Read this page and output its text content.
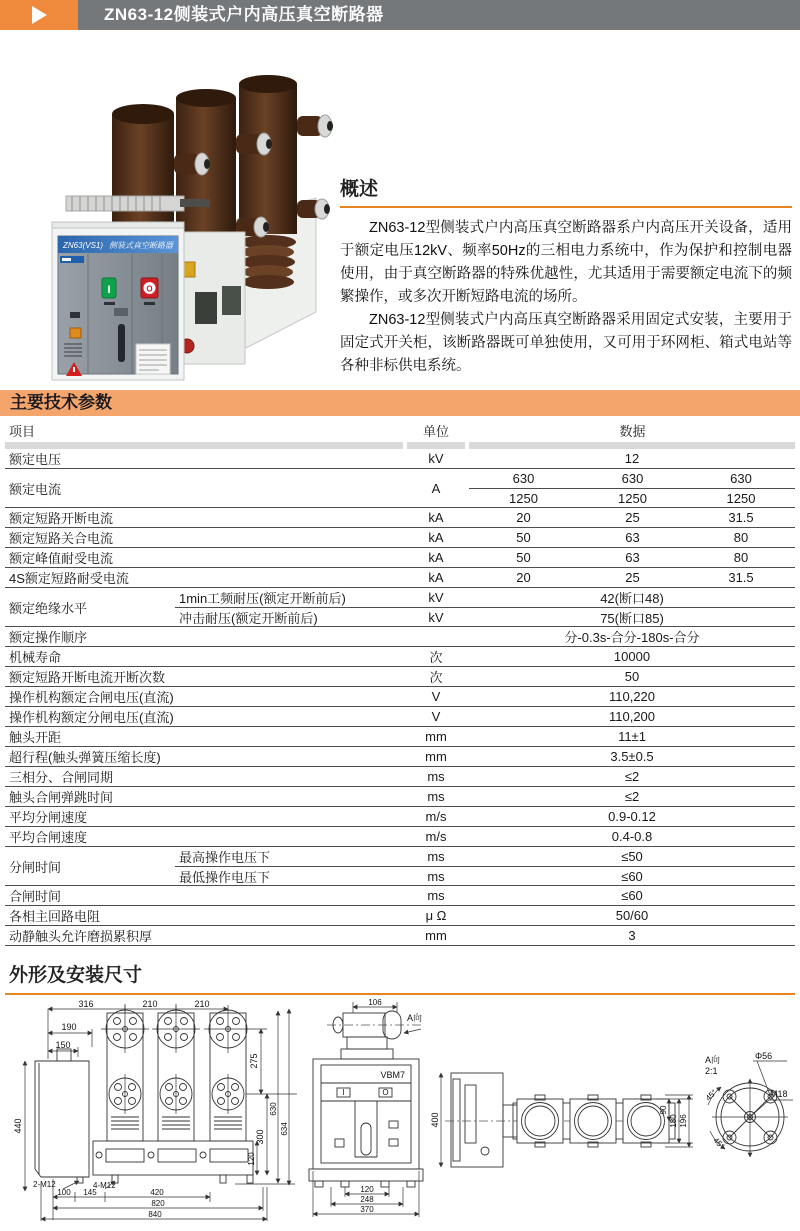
ZN63-12侧装式户内高压真空断路器
ZN63(VS1) 侧装式真空断路器
I	O
概述

ZN63-12型侧装式户内高压真空断路器系户内高压开关设备，适用于额定电压12kV、频率50Hz的三相电力系统中，作为保护和控制电器使用，由于真空断路器的特殊优越性，尤其适用于需要额定电流下的频繁操作，或多次开断短路电流的场所。

ZN63-12型侧装式户内高压真空断路器采用固定式安装，主要用于固定式开关柜，该断路器既可单独使用，又可用于环网柜、箱式电站等各种非标供电系统。

主要技术参数
项目	单位	数据
额定电压	kV	12
额定电流	A
630	630	630
1250	1250	1250
额定短路开断电流	kA	20	25	31.5
额定短路关合电流	kA	50	63	80
额定峰值耐受电流	kA	50	63	80
4S额定短路耐受电流	kA	20	25	31.5
额定绝缘水平
1min工频耐压(额定开断前后)	kV	42(断口48)
冲击耐压(额定开断前后)	kV	75(断口85)
额定操作顺序	分-0.3s-合分-180s-合分
机械寿命	次	10000
额定短路开断电流开断次数	次	50
操作机构额定合闸电压(直流)	V	110,220
操作机构额定分闸电压(直流)	V	110,200
触头开距	mm	11±1
超行程(触头弹簧压缩长度)	mm	3.5±0.5
三相分、合闸同期	ms	≤2
触头合闸弹跳时间	ms	≤2
平均分闸速度	m/s	0.9-0.12
平均合闸速度	m/s	0.4-0.8
分闸时间
最高操作电压下	ms	≤50
最低操作电压下	ms	≤60
合闸时间	ms	≤60
各相主回路电阻	μ Ω	50/60
动静触头允许磨损累积厚	mm	3
外形及安装尺寸
316	210	210
190
150
440
275
300
120
630
634
2-M12	4-M12
100 145	420
820
840
106
A向
VBM7
I	O
120
248
370
400
90
180 196
A向
2:1
Φ56
M18
45°
45°
